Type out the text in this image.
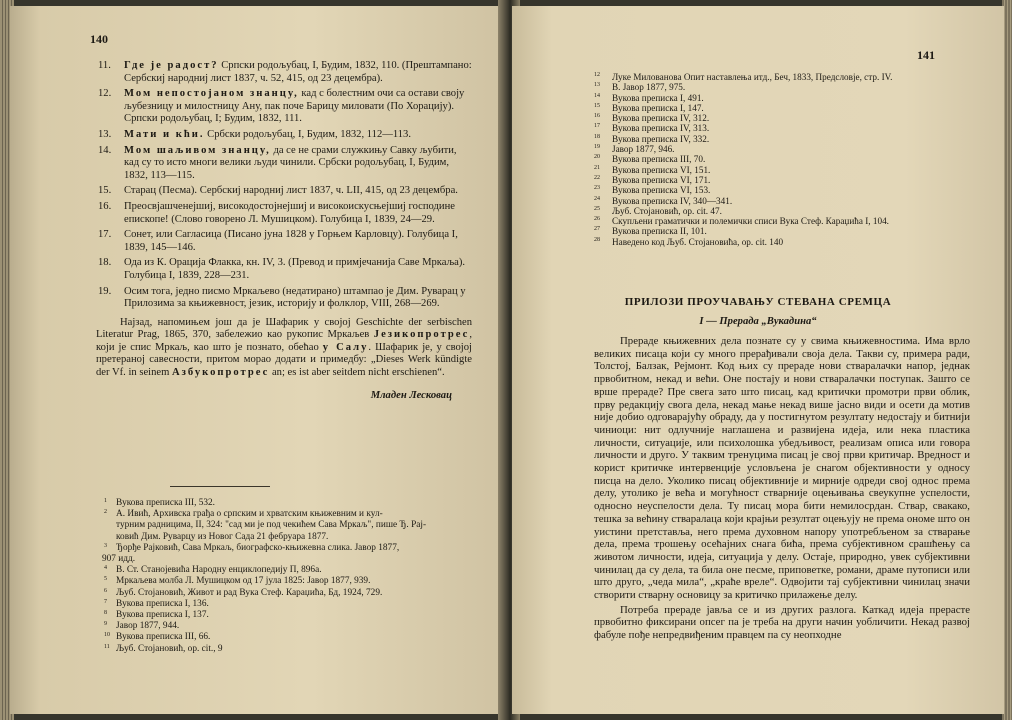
140
11. Где је радост? Српски родољубац, I, Будим, 1832, 110. (Прештампано: Сербскиј народниј лист 1837, ч. 52, 415, од 23 децембра).
12. Мом непостојаном знанцу, кад с болестним очи са остави своју љубезницу и милостницу Ану, пак поче Барицу миловати (По Хорацију). Српски родољубац, I; Будим, 1832, 111.
13. Мати и кћи. Србски родољубац, I, Будим, 1832, 112—113.
14. Мом шаљивом знанцу, да се не срами служкињу Савку љубити, кад су то исто многи велики људи чинили. Србски родољубац, I, Будим, 1832, 113—115.
15. Старац (Песма). Сербскиј народниј лист 1837, ч. LII, 415, од 23 децембра.
16. Преосвјашченејшиј, високодостојнејшиј и високоискусњејшиј господине епископе! (Слово говорено Л. Мушицком). Голубица I, 1839, 24—29.
17. Сонет, или Сагласица (Писано јуна 1828 у Горњем Карловцу). Голубица I, 1839, 145—146.
18. Ода из К. Орација Флакка, кн. IV, 3. (Превод и примјечанија Саве Мркаља). Голубица I, 1839, 228—231.
19. Осим тога, једно писмо Мркаљево (недатирано) штампао је Дим. Руварац у Прилозима за књижевност, језик, историју и фолклор, VIII, 268—269.
Најзад, напомињем још да је Шафарик у својој Geschichte der serbischen Literatur Prag, 1865, 370, забележио као рукопис Мркаљев Језикопротрес, који је спис Мркаљ, као што је познато, обећао у Салу. Шафарик је, у својој претераној савесности, притом морао додати и примедбу: „Dieses Werk kündigte der Vf. in seinem Азбукопротрес an; es ist aber seitdem nicht erschienen“.
Младен Лесковац
1 Вукова преписка III, 532.
2 А. Ивић, Архивска грађа о српским и хрватским књижевним и кул-
турним радницима, II, 324: "сад ми је под чекићем Сава Мркаљ", пише Ђ. Рај-
ковић Дим. Руварцу из Новог Сада 21 фебруара 1877.
3 Ђорђе Рајковић, Сава Мркаљ, биографско-књижевна слика. Јавор 1877,
907 идд.
4 В. Ст. Станојевића Народну енциклопедију П, 896а.
5 Мркаљева молба Л. Мушицком од 17 јула 1825: Јавор 1877, 939.
6 Љуб. Стојановић, Живот и рад Вука Стеф. Караџића, Бд, 1924, 729.
7 Вукова преписка I, 136.
8 Вукова преписка I, 137.
9 Јавор 1877, 944.
10 Вукова преписка III, 66.
11 Љуб. Стојановић, op. cit., 9
141
12 Луке Милованова Опит наставлења итд., Беч, 1833, Предсловје, стр. IV.
13 В. Јавор 1877, 975.
14 Вукова преписка I, 491.
15 Вукова преписка I, 147.
16 Вукова преписка IV, 312.
17 Вукова преписка IV, 313.
18 Вукова преписка IV, 332.
19 Јавор 1877, 946.
20 Вукова преписка III, 70.
21 Вукова преписка VI, 151.
22 Вукова преписка VI, 171.
23 Вукова преписка VI, 153.
24 Вукова преписка IV, 340—341.
25 Љуб. Стојановић, op. cit. 47.
26 Скупљени граматички и полемички списи Вука Стеф. Караџића I, 104.
27 Вукова преписка II, 101.
28 Наведено код Љуб. Стојановића, op. cit. 140
ПРИЛОЗИ ПРОУЧАВАЊУ СТЕВАНА СРЕМЦА
I — Прерада „Вукадина“

Прераде књижевних дела познате су у свима књижевностима. Има врло великих писаца који су много прерађивали своја дела. Такви су, примера ради, Толстој, Балзак, Рејмонт. Код њих су прераде нови стваралачки напор, једнак првобитном, некад и већи. Оне постају и нови стваралачки поступак. Зашто се врше прераде? Пре свега зато што писац, кад критички промотри први облик, прву редакцију свога дела, некад мање некад више јасно види и осети да мотив није добио одговарајућу обраду, да у постигнутом резултату недостају и битнији чиниоци: нит одлучније наглашена и развијена идеја, или нека пластика личности, ситуације, или психолошка убедљивост, реализам описа или говора личности и друго. У таквим тренуцима писац је свој први критичар. Вредност и корист критичке интервенције условљена је снагом објективности у односу писца на дело. Уколико писац објективније и мирније одреди свој однос према делу, утолико је већа и могућност стварније оцењивања свеукупне успелости, односно неуспелости дела. Ту писац мора бити немилосрдан. Ствар, свакако, тешка за већину стваралаца који крајњи резултат оцењују не према ономе што он уистини претставља, него према духовном напору употребљеном за стварање дела, према трошењу осећајних снага бића, према субјективном срашћењу са животом личности, идеја, ситуација у делу. Остаје, природно, увек субјективни чинилац да су дела, та била оне песме, приповетке, романи, драме путописи или што друго, „чеда мила“, „краће вреле“. Одвојити тај субјективни чинилац значи створити стварну основицу за критичко прилажење делу.

Потреба прераде јавља се и из других разлога. Каткад идеја прерасте првобитно фиксирани опсег па је треба на други начин уобличити. Некад развој фабуле пође непредвиђеним правцем па су неопходне
